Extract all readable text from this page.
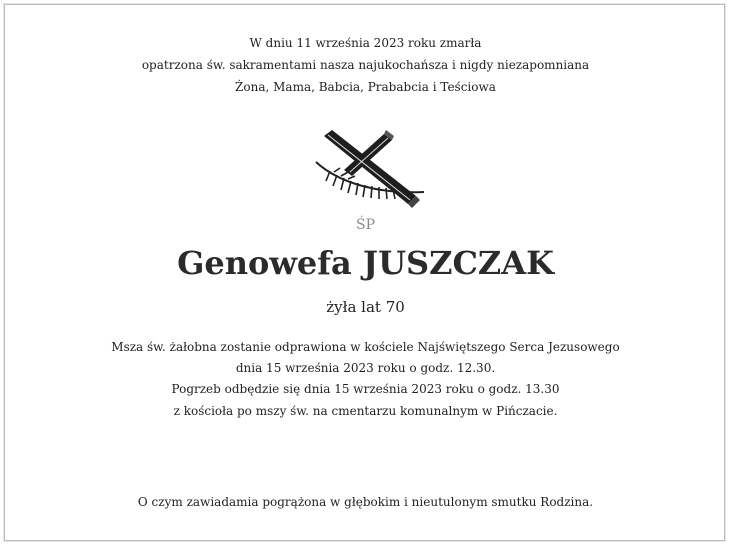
W dniu 11 września 2023 roku zmarła
opatrzona św. sakramentami nasza najukochańsza i nigdy niezapomniana
Żona, Mama, Babcia, Prababcia i Teściowa
ŚP
Genowefa JUSZCZAK
żyła lat 70
Msza św. żałobna zostanie odprawiona w kościele Najświętszego Serca Jezusowego
dnia 15 września 2023 roku o godz. 12.30.
Pogrzeb odbędzie się dnia 15 września 2023 roku o godz. 13.30
z kościoła po mszy św. na cmentarzu komunalnym w Pińczacie.
O czym zawiadamia pogrążona w głębokim i nieutulonym smutku Rodzina.
